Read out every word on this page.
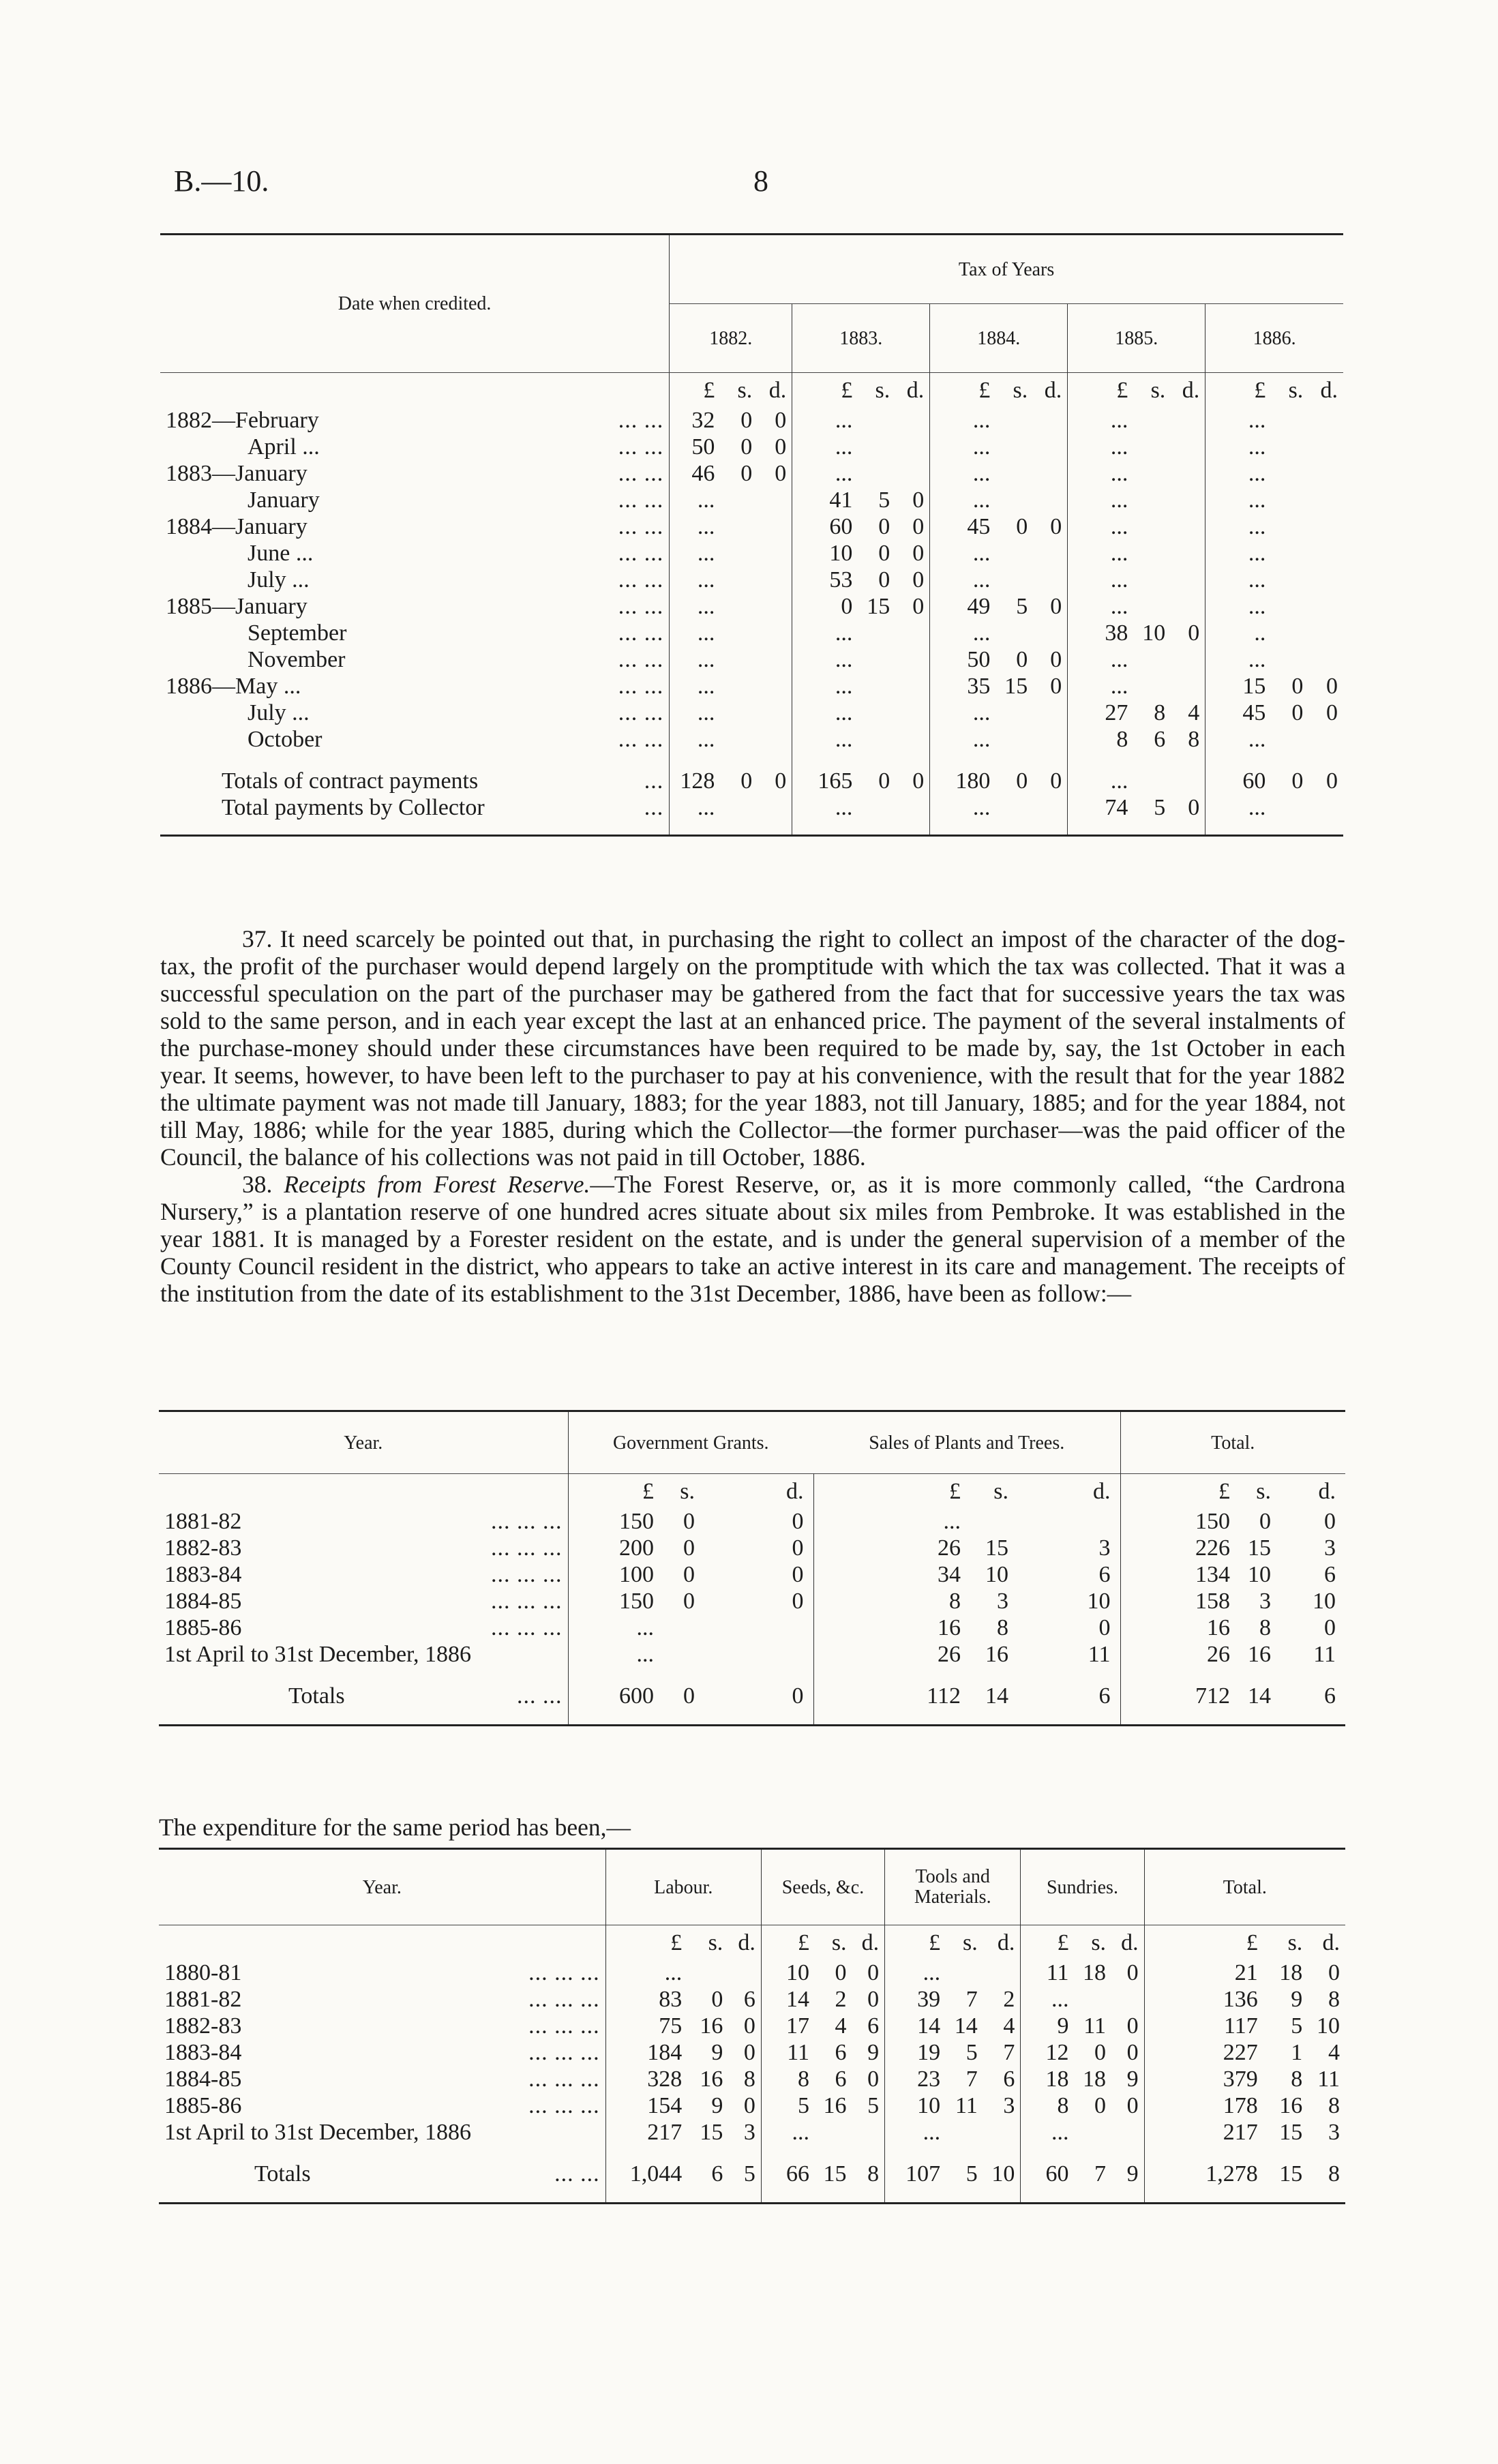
B.—10.	8
Date when credited.	Tax of Years														
	1882.			1883.			1884.			1885.			1886.		
	£	s.	d.	£	s.	d.	£	s.	d.	£	s.	d.	£	s.	d.
1882—February ... ...	32	0	0	...			...			...			...		
April ... ... ...	50	0	0	...			...			...			...		
1883—January ... ...	46	0	0	...			...			...			...		
January ... ...	...			41	5	0	...			...			...		
1884—January ... ...	...			60	0	0	45	0	0	...			...		
June ... ... ...	...			10	0	0	...			...			...		
July ... ... ...	...			53	0	0	...			...			...		
1885—January ... ...	...			0	15	0	49	5	0	...			...		
September ... ...	...			...			...			38	10	0	..		
November ... ...	...			...			50	0	0	...			...		
1886—May ... ... ...	...			...			35	15	0	...			15	0	0
July ... ... ...	...			...			...			27	8	4	45	0	0
October ... ...	...			...			...			8	6	8	...		

Totals of contract payments ...	128	0	0	165	0	0	180	0	0	...			60	0	0
Total payments by Collector ...	...			...			...			74	5	0	...		

37. It need scarcely be pointed out that, in purchasing the right to collect an impost of the character of the dog-tax, the profit of the purchaser would depend largely on the promptitude with which the tax was collected. That it was a successful speculation on the part of the purchaser may be gathered from the fact that for successive years the tax was sold to the same person, and in each year except the last at an enhanced price. The payment of the several instalments of the purchase-money should under these circumstances have been required to be made by, say, the 1st October in each year. It seems, however, to have been left to the purchaser to pay at his convenience, with the result that for the year 1882 the ultimate payment was not made till January, 1883; for the year 1883, not till January, 1885; and for the year 1884, not till May, 1886; while for the year 1885, during which the Collector—the former purchaser—was the paid officer of the Council, the balance of his collections was not paid in till October, 1886.

38. Receipts from Forest Reserve.—The Forest Reserve, or, as it is more commonly called, “the Cardrona Nursery,” is a plantation reserve of one hundred acres situate about six miles from Pembroke. It was established in the year 1881. It is managed by a Forester resident on the estate, and is under the general supervision of a member of the County Council resident in the district, who appears to take an active interest in its care and management. The receipts of the institution from the date of its establishment to the 31st December, 1886, have been as follow:—

Year.	Government Grants.			Sales of Plants and Trees.			Total.		
	£	s.	d.	£	s.	d.	£	s.	d.
1881-82 ... ... ...	150	0	0	...			150	0	0
1882-83 ... ... ...	200	0	0	26	15	3	226	15	3
1883-84 ... ... ...	100	0	0	34	10	6	134	10	6
1884-85 ... ... ...	150	0	0	8	3	10	158	3	10
1885-86 ... ... ...	...			16	8	0	16	8	0
1st April to 31st December, 1886	...			26	16	11	26	16	11

Totals ... ...	600	0	0	112	14	6	712	14	6

The expenditure for the same period has been,—
Year.	Labour.			Seeds, &c.			Tools and Materials.			Sundries.			Total.		
	£	s.	d.	£	s.	d.	£	s.	d.	£	s.	d.	£	s.	d.
1880-81 ... ... ...	...			10	0	0	...			11	18	0	21	18	0
1881-82 ... ... ...	83	0	6	14	2	0	39	7	2	...			136	9	8
1882-83 ... ... ...	75	16	0	17	4	6	14	14	4	9	11	0	117	5	10
1883-84 ... ... ...	184	9	0	11	6	9	19	5	7	12	0	0	227	1	4
1884-85 ... ... ...	328	16	8	8	6	0	23	7	6	18	18	9	379	8	11
1885-86 ... ... ...	154	9	0	5	16	5	10	11	3	8	0	0	178	16	8
1st April to 31st December, 1886	217	15	3	...			...			...			217	15	3

Totals ... ...	1,044	6	5	66	15	8	107	5	10	60	7	9	1,278	15	8
